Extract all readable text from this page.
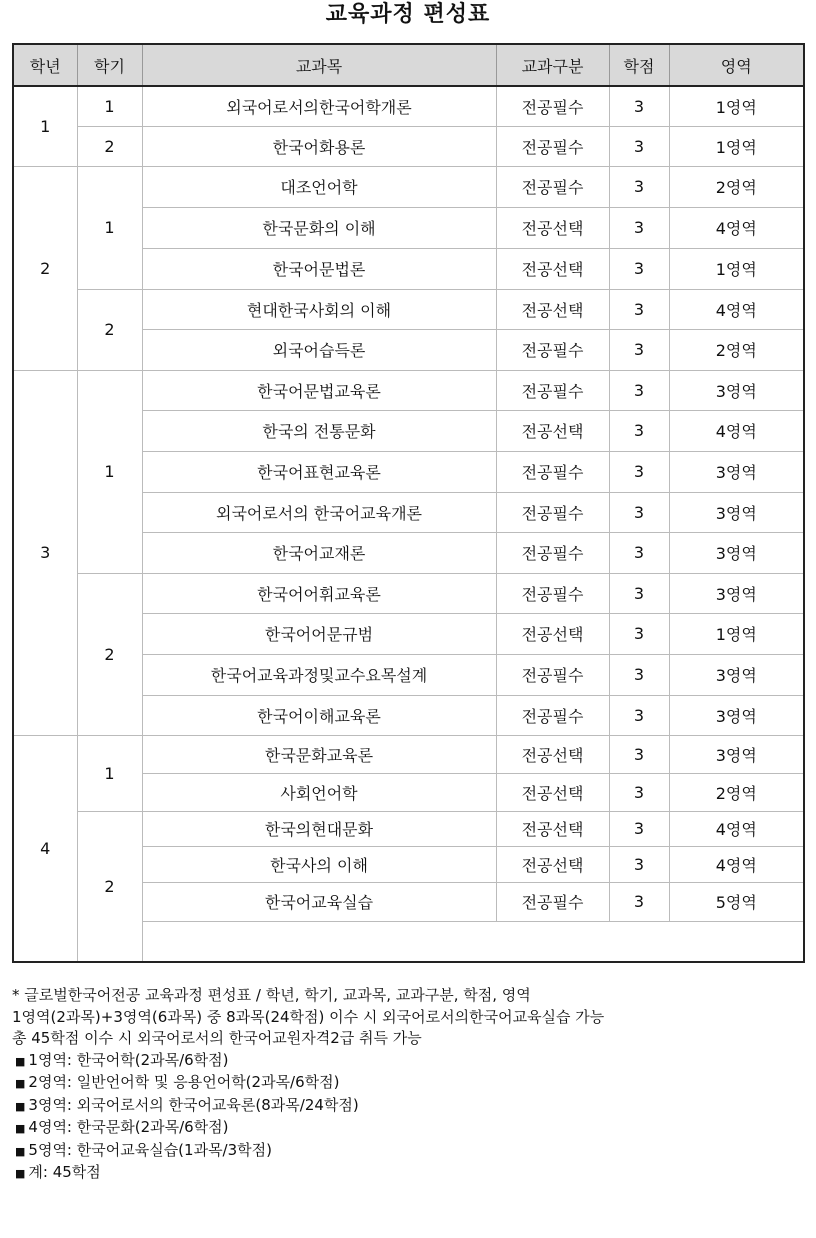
교육과정 편성표
학년	학기	교과목	교과구분	학점	영역
1	1	외국어로서의한국어학개론	전공필수	3	1영역
	2	한국어화용론	전공필수	3	1영역
2	1	대조언어학	전공필수	3	2영역
		한국문화의 이해	전공선택	3	4영역
		한국어문법론	전공선택	3	1영역
	2	현대한국사회의 이해	전공선택	3	4영역
		외국어습득론	전공필수	3	2영역
3	1	한국어문법교육론	전공필수	3	3영역
		한국의 전통문화	전공선택	3	4영역
		한국어표현교육론	전공필수	3	3영역
		외국어로서의 한국어교육개론	전공필수	3	3영역
		한국어교재론	전공필수	3	3영역
	2	한국어어휘교육론	전공필수	3	3영역
		한국어어문규범	전공선택	3	1영역
		한국어교육과정및교수요목설계	전공필수	3	3영역
		한국어이해교육론	전공필수	3	3영역
4	1	한국문화교육론	전공선택	3	3영역
		사회언어학	전공선택	3	2영역
	2	한국의현대문화	전공선택	3	4영역
		한국사의 이해	전공선택	3	4영역
		한국어교육실습	전공필수	3	5영역

* 글로벌한국어전공 교육과정 편성표 / 학년, 학기, 교과목, 교과구분, 학점, 영역
1영역(2과목)+3영역(6과목) 중 8과목(24학점) 이수 시 외국어로서의한국어교육실습 가능
총 45학점 이수 시 외국어로서의 한국어교원자격2급 취득 가능
■ 1영역: 한국어학(2과목/6학점)
■ 2영역: 일반언어학 및 응용언어학(2과목/6학점)
■ 3영역: 외국어로서의 한국어교육론(8과목/24학점)
■ 4영역: 한국문화(2과목/6학점)
■ 5영역: 한국어교육실습(1과목/3학점)
■ 계: 45학점
